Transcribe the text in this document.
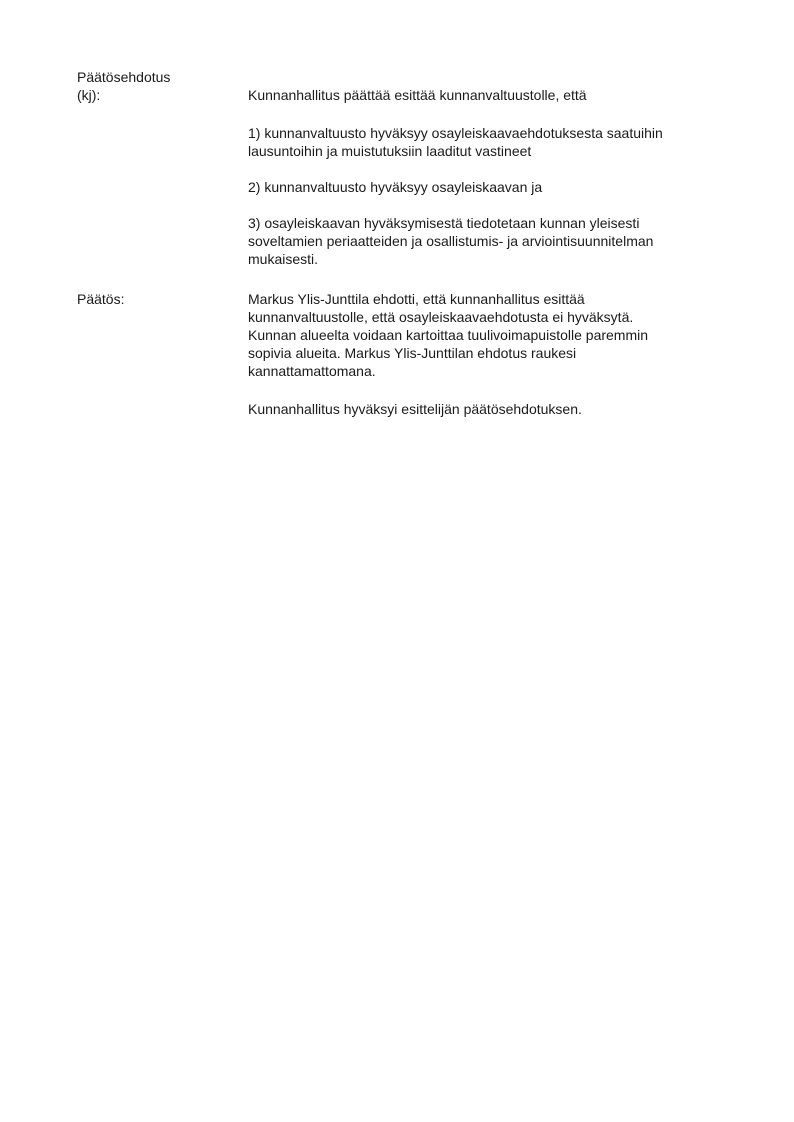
Päätösehdotus
(kj):	Kunnanhallitus päättää esittää kunnanvaltuustolle, että
1) kunnanvaltuusto hyväksyy osayleiskaavaehdotuksesta saatuihin
lausuntoihin ja muistutuksiin laaditut vastineet
2) kunnanvaltuusto hyväksyy osayleiskaavan ja
3) osayleiskaavan hyväksymisestä tiedotetaan kunnan yleisesti
soveltamien periaatteiden ja osallistumis- ja arviointisuunnitelman
mukaisesti.
Päätös:	Markus Ylis-Junttila ehdotti, että kunnanhallitus esittää
kunnanvaltuustolle, että osayleiskaavaehdotusta ei hyväksytä.
Kunnan alueelta voidaan kartoittaa tuulivoimapuistolle paremmin
sopivia alueita. Markus Ylis-Junttilan ehdotus raukesi
kannattamattomana.
Kunnanhallitus hyväksyi esittelijän päätösehdotuksen.
